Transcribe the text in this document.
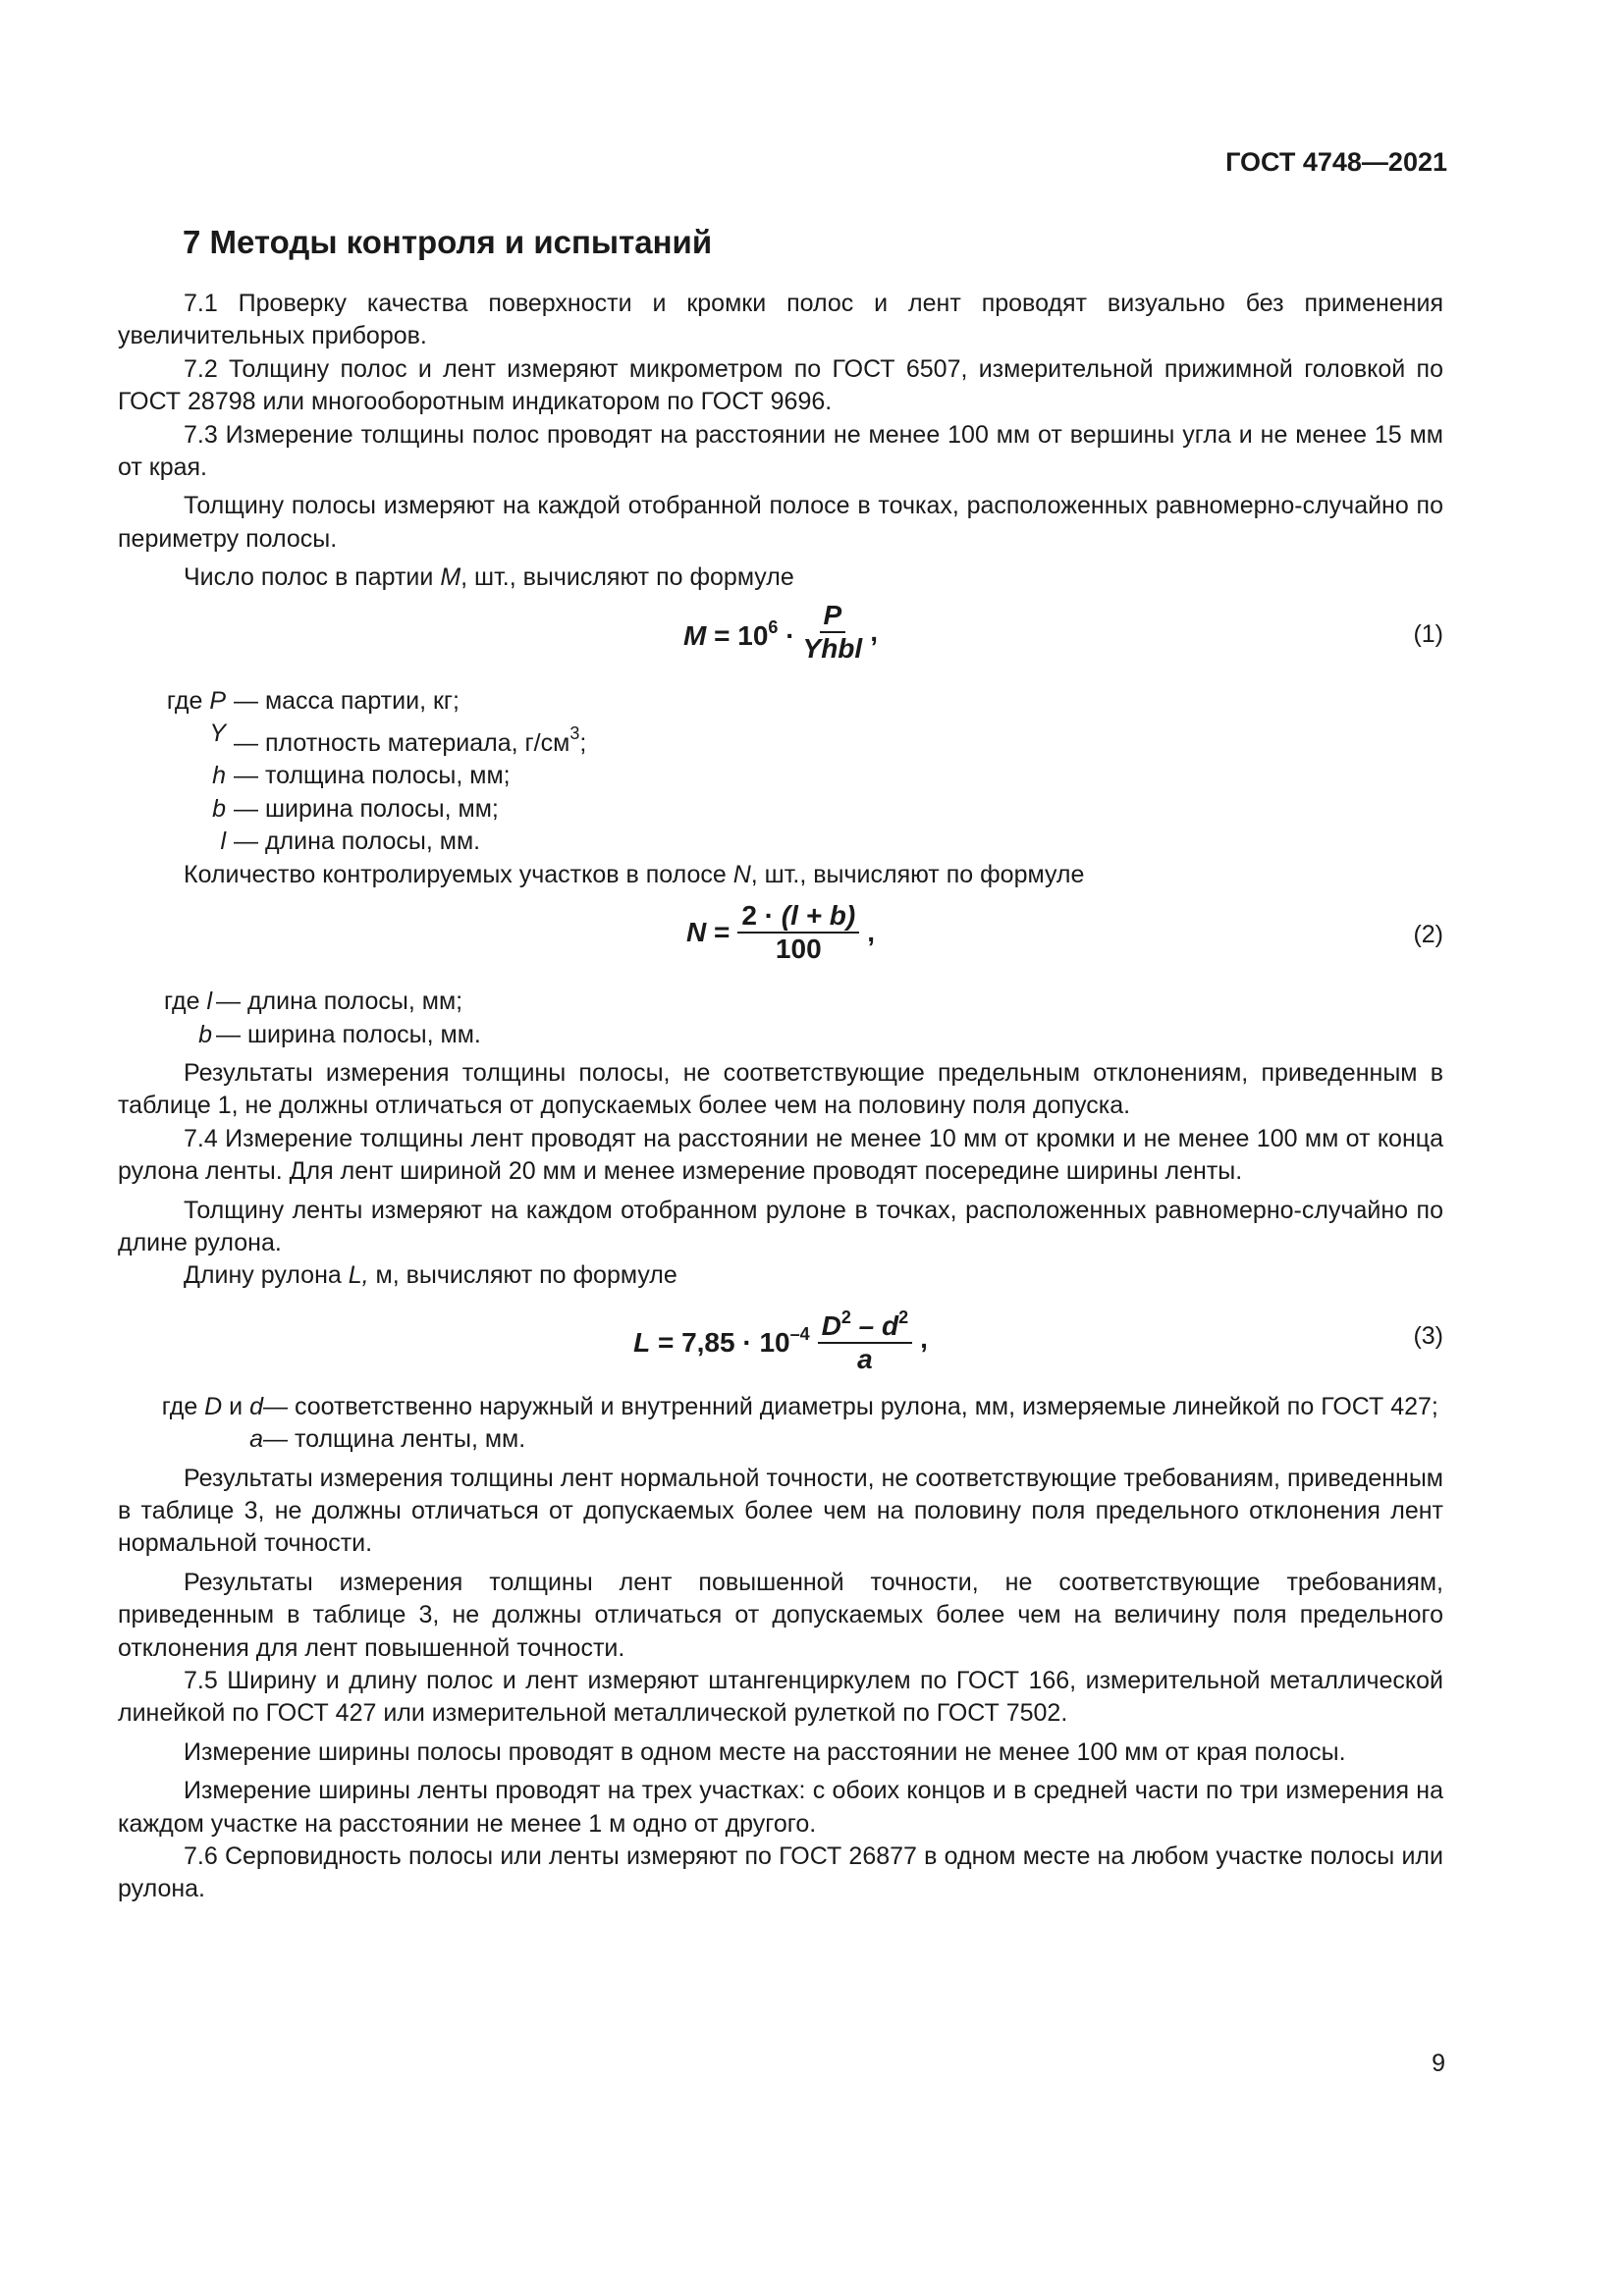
ГОСТ 4748—2021
7 Методы контроля и испытаний

7.1 Проверку качества поверхности и кромки полос и лент проводят визуально без применения увеличительных приборов.

7.2 Толщину полос и лент измеряют микрометром по ГОСТ 6507, измерительной прижимной головкой по ГОСТ 28798 или многооборотным индикатором по ГОСТ 9696.

7.3 Измерение толщины полос проводят на расстоянии не менее 100 мм от вершины угла и не менее 15 мм от края.

Толщину полосы измеряют на каждой отобранной полосе в точках, расположенных равномерно-случайно по периметру полосы.

Число полос в партии M, шт., вычисляют по формуле

$M = 10^6 \cdot \frac{P}{\text{Yhbl}}$ ,	(1)
где P — масса партии, кг;
Y — плотность материала, $г/см^3$;
h — толщина полосы, мм;
b — ширина полосы, мм;
l — длина полосы, мм.

Количество контролируемых участков в полосе N, шт., вычисляют по формуле

$N = \frac{2 \cdot (l + b)}{100}$ ,	(2)
где l — длина полосы, мм;
b — ширина полосы, мм.

Результаты измерения толщины полосы, не соответствующие предельным отклонениям, приведенным в таблице 1, не должны отличаться от допускаемых более чем на половину поля допуска.

7.4 Измерение толщины лент проводят на расстоянии не менее 10 мм от кромки и не менее 100 мм от конца рулона ленты. Для лент шириной 20 мм и менее измерение проводят посередине ширины ленты.

Толщину ленты измеряют на каждом отобранном рулоне в точках, расположенных равномерно-случайно по длине рулона.

Длину рулона L, м, вычисляют по формуле

$L = 7,85 \cdot 10^{-4} \frac{D^2 - d^2}{a}$ ,	(3)
где D и d — соответственно наружный и внутренний диаметры рулона, мм, измеряемые линейкой по ГОСТ 427;
a — толщина ленты, мм.

Результаты измерения толщины лент нормальной точности, не соответствующие требованиям, приведенным в таблице 3, не должны отличаться от допускаемых более чем на половину поля предельного отклонения лент нормальной точности.

Результаты измерения толщины лент повышенной точности, не соответствующие требованиям, приведенным в таблице 3, не должны отличаться от допускаемых более чем на величину поля предельного отклонения для лент повышенной точности.

7.5 Ширину и длину полос и лент измеряют штангенциркулем по ГОСТ 166, измерительной металлической линейкой по ГОСТ 427 или измерительной металлической рулеткой по ГОСТ 7502.

Измерение ширины полосы проводят в одном месте на расстоянии не менее 100 мм от края полосы.

Измерение ширины ленты проводят на трех участках: с обоих концов и в средней части по три измерения на каждом участке на расстоянии не менее 1 м одно от другого.

7.6 Серповидность полосы или ленты измеряют по ГОСТ 26877 в одном месте на любом участке полосы или рулона.

9
